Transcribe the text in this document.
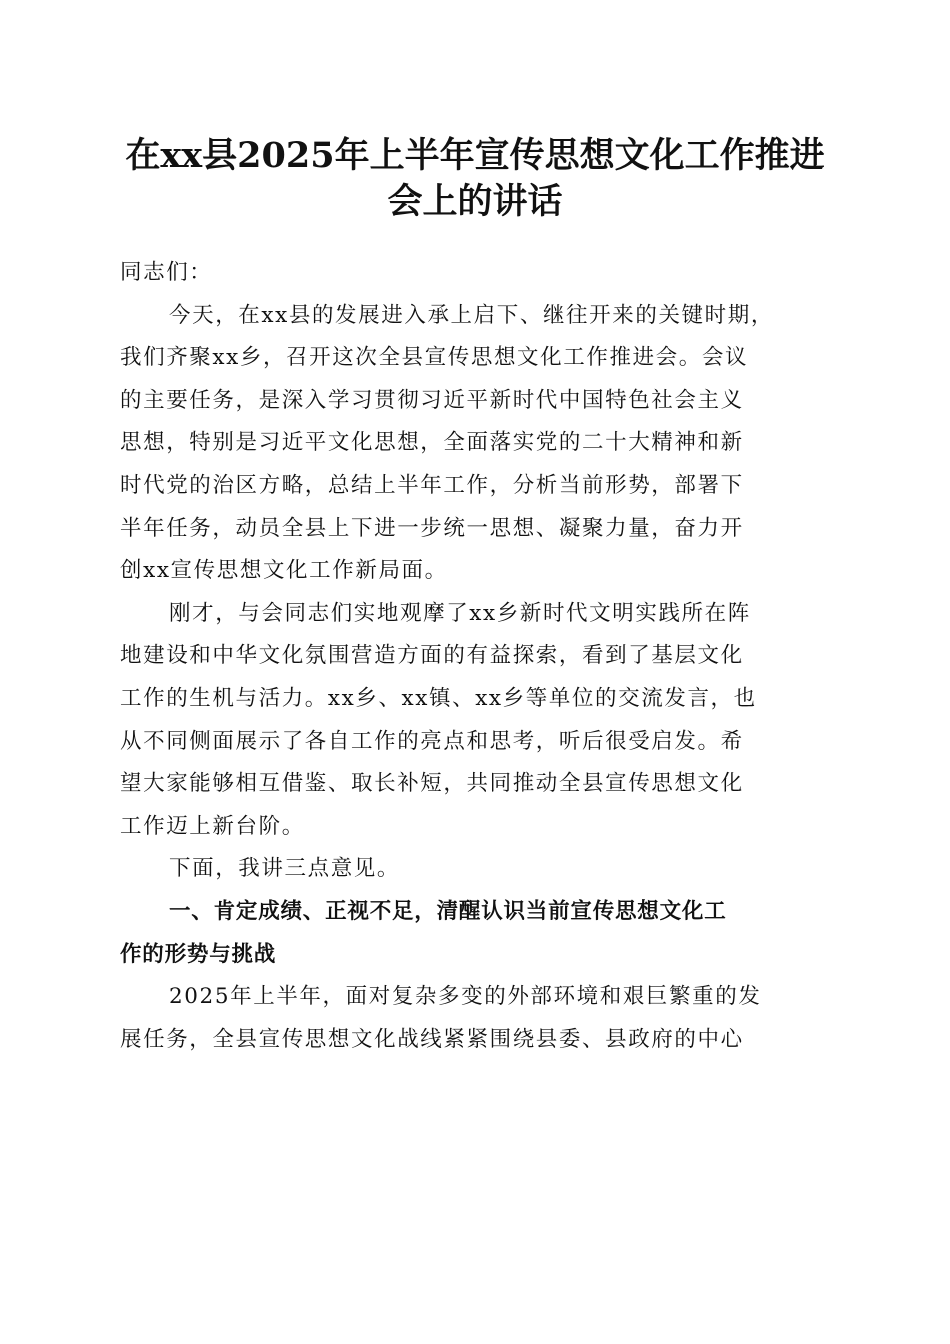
在xx县2025年上半年宣传思想文化工作推进
会上的讲话
同志们：
今天，在xx县的发展进入承上启下、继往开来的关键时期，
我们齐聚xx乡，召开这次全县宣传思想文化工作推进会。会议
的主要任务，是深入学习贯彻习近平新时代中国特色社会主义
思想，特别是习近平文化思想，全面落实党的二十大精神和新
时代党的治区方略，总结上半年工作，分析当前形势，部署下
半年任务，动员全县上下进一步统一思想、凝聚力量，奋力开
创xx宣传思想文化工作新局面。
刚才，与会同志们实地观摩了xx乡新时代文明实践所在阵
地建设和中华文化氛围营造方面的有益探索，看到了基层文化
工作的生机与活力。xx乡、xx镇、xx乡等单位的交流发言，也
从不同侧面展示了各自工作的亮点和思考，听后很受启发。希
望大家能够相互借鉴、取长补短，共同推动全县宣传思想文化
工作迈上新台阶。
下面，我讲三点意见。
一、肯定成绩、正视不足，清醒认识当前宣传思想文化工
作的形势与挑战
2025年上半年，面对复杂多变的外部环境和艰巨繁重的发
展任务，全县宣传思想文化战线紧紧围绕县委、县政府的中心
